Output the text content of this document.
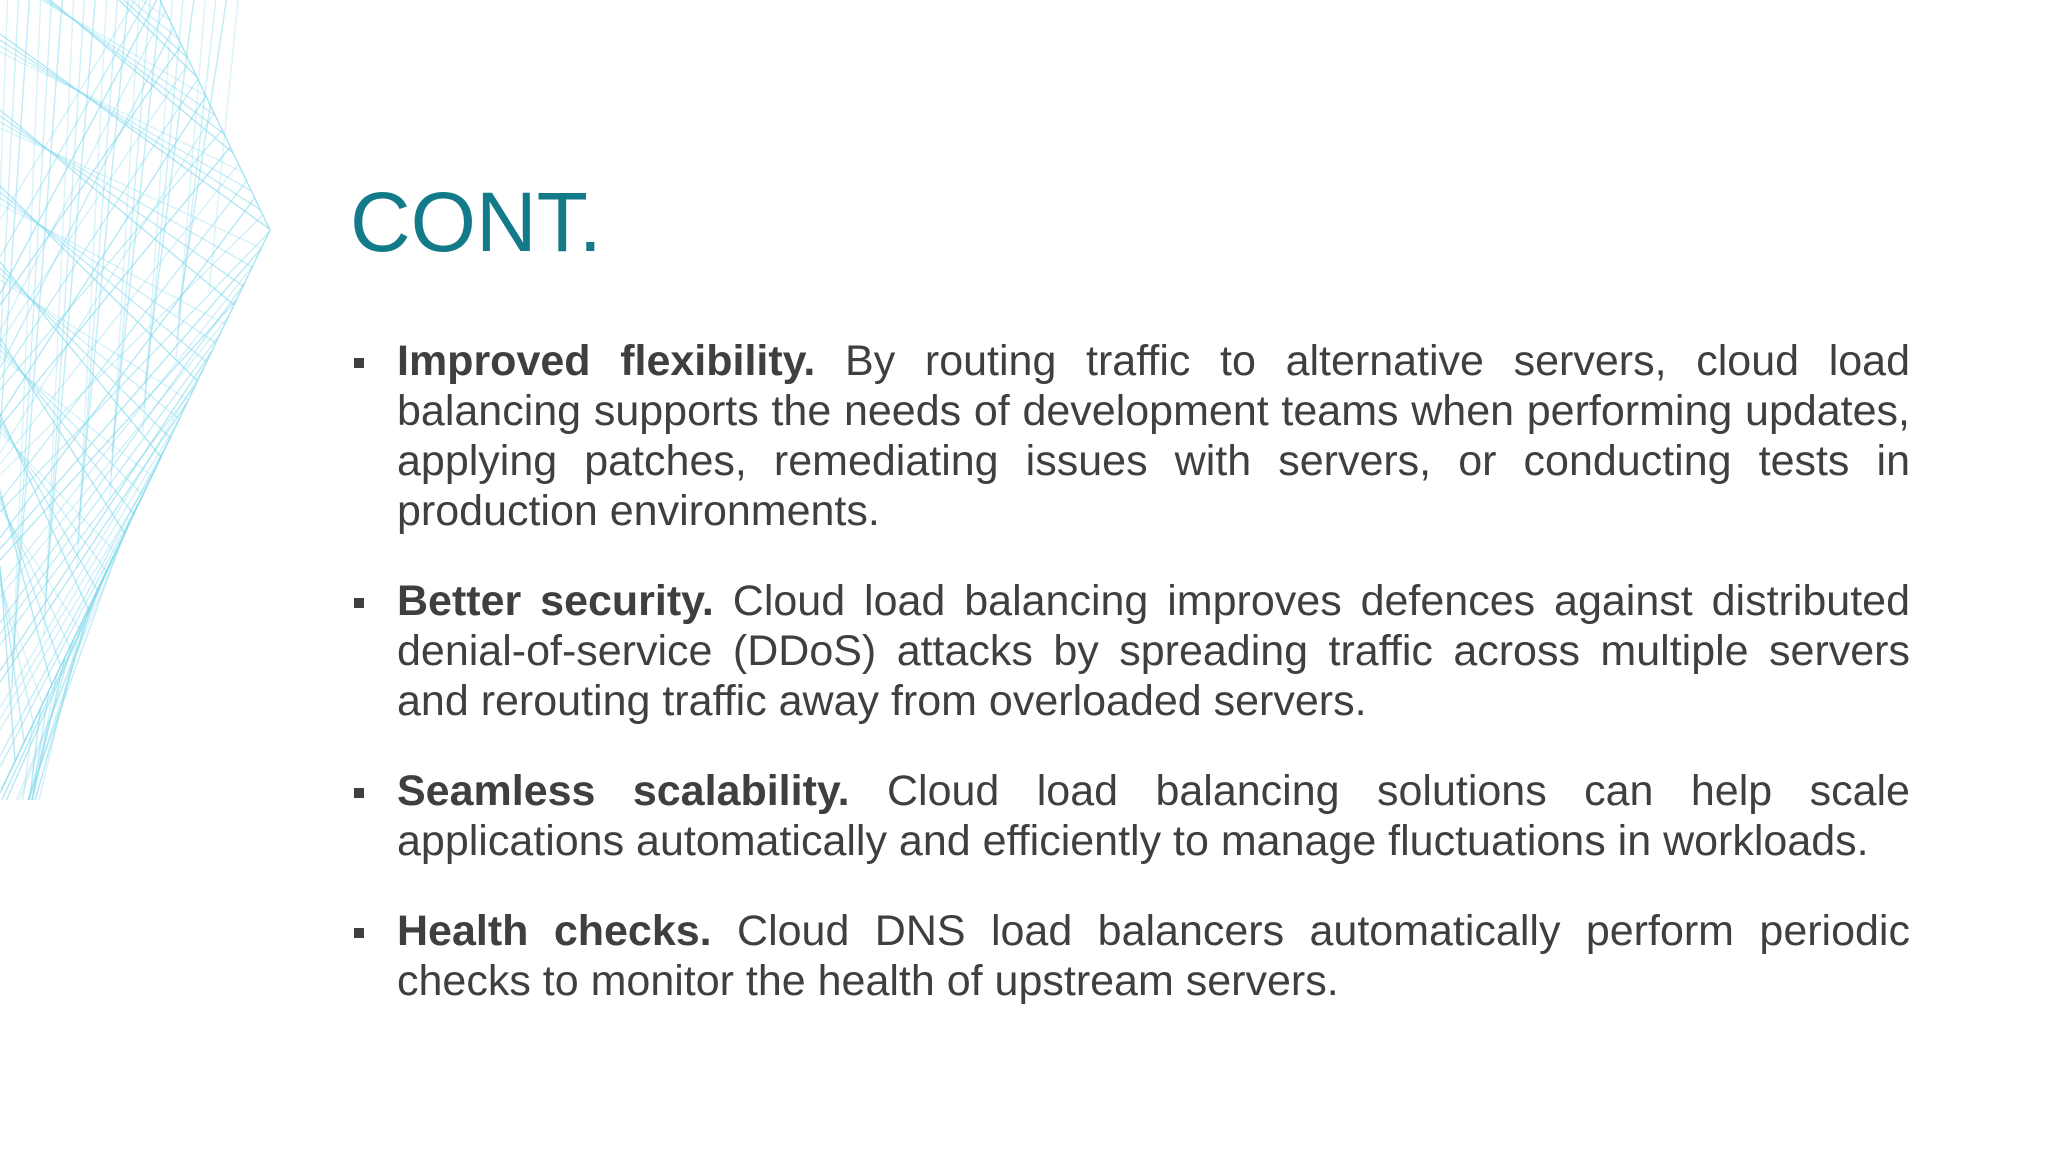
CONT.
Improved flexibility. By routing traffic to alternative servers, cloud load balancing supports the needs of development teams when performing updates, applying patches, remediating issues with servers, or conducting tests in production environments.
Better security. Cloud load balancing improves defences against distributed denial-of-service (DDoS) attacks by spreading traffic across multiple servers and rerouting traffic away from overloaded servers.
Seamless scalability. Cloud load balancing solutions can help scale applications automatically and efficiently to manage fluctuations in workloads.
Health checks. Cloud DNS load balancers automatically perform periodic checks to monitor the health of upstream servers.
